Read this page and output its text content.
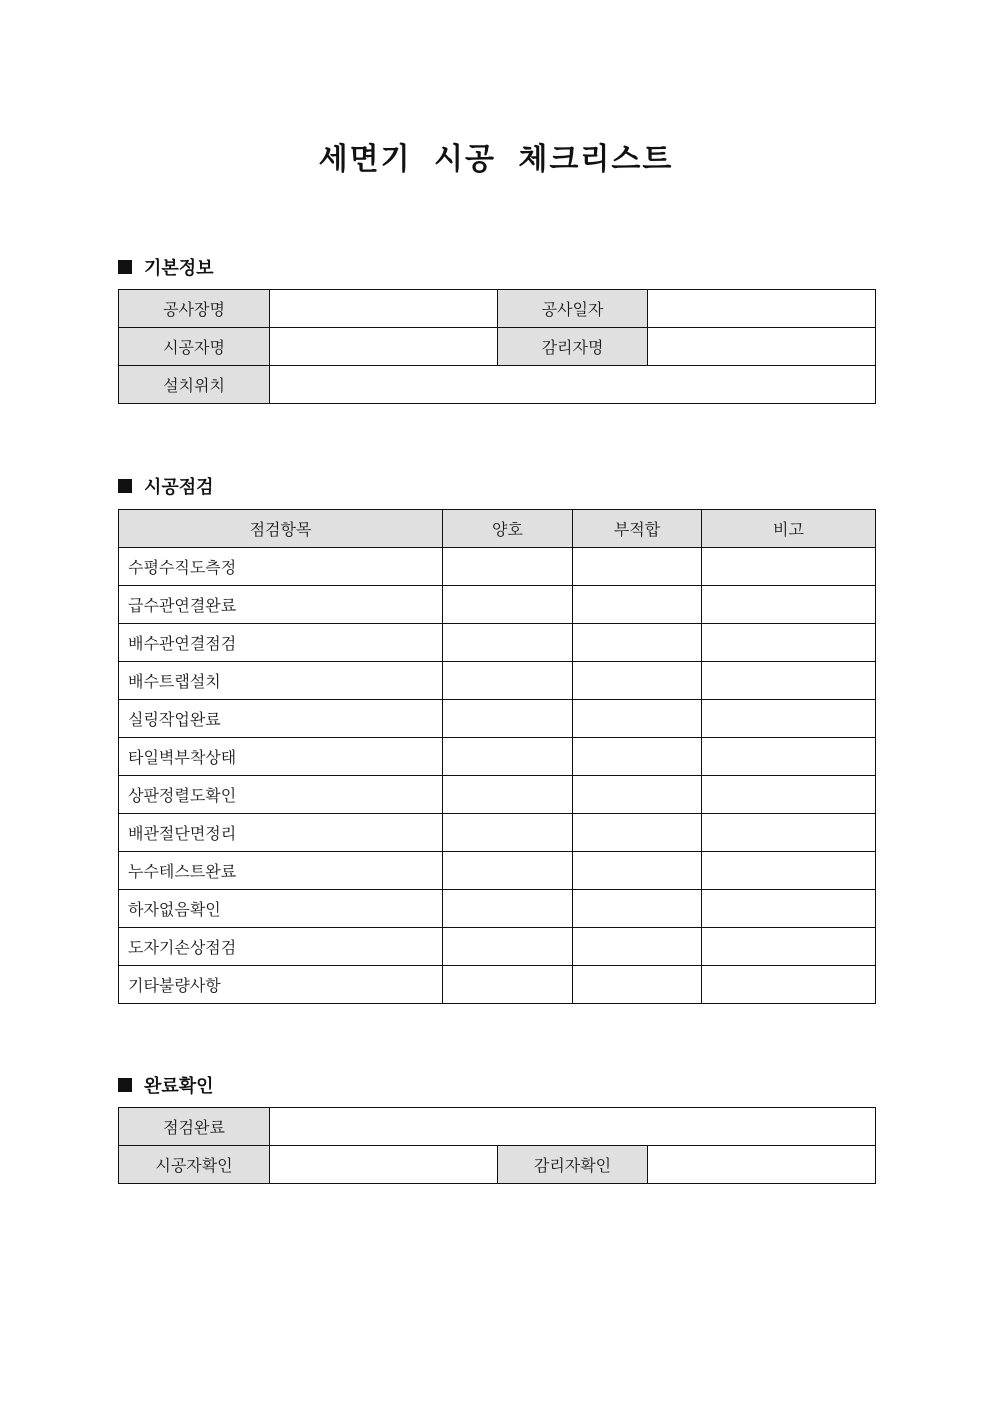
세면기 시공 체크리스트
기본정보
공사장명		공사일자	
시공자명		감리자명	
설치위치			
시공점검
점검항목	양호	부적합	비고
수평수직도측정			
급수관연결완료			
배수관연결점검			
배수트랩설치			
실링작업완료			
타일벽부착상태			
상판정렬도확인			
배관절단면정리			
누수테스트완료			
하자없음확인			
도자기손상점검			
기타불량사항			
완료확인
점검완료			
시공자확인		감리자확인	
